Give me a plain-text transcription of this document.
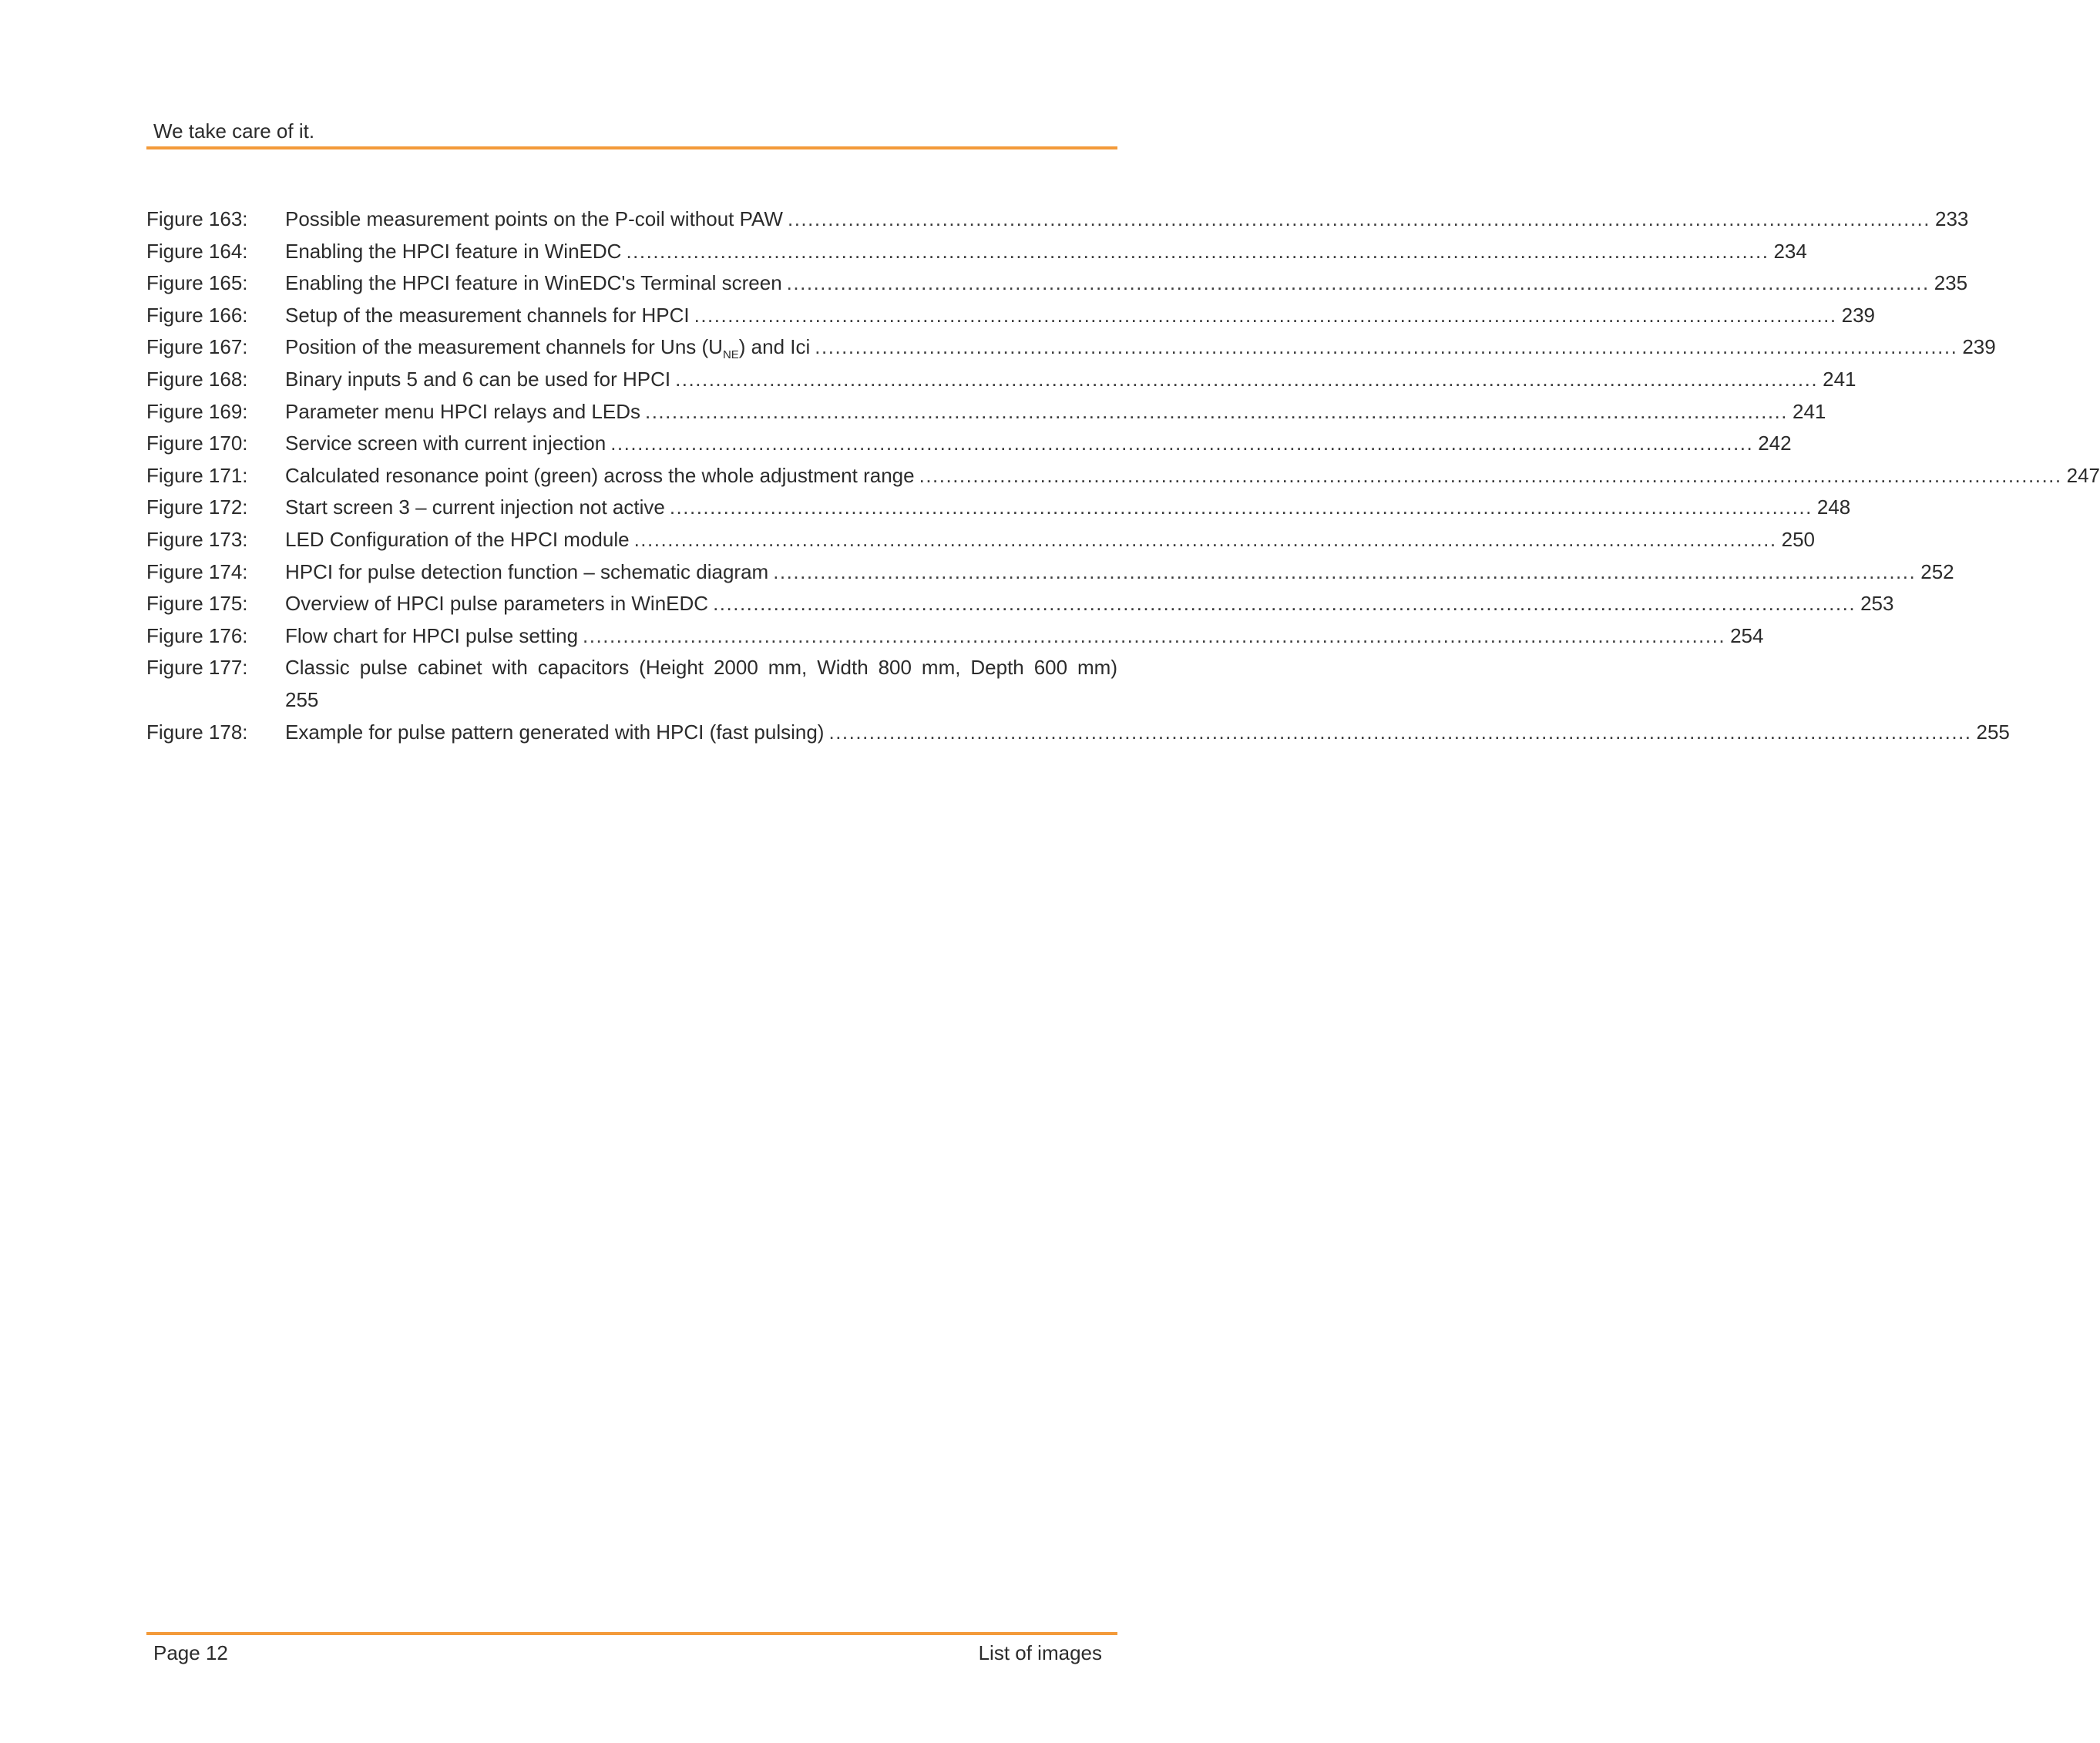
We take care of it.
Figure 163: Possible measurement points on the P-coil without PAW .......................................................................................................................................................................... 233
Figure 164: Enabling the HPCI feature in WinEDC .......................................................................................................................................................................... 234
Figure 165: Enabling the HPCI feature in WinEDC's Terminal screen .......................................................................................................................................................................... 235
Figure 166: Setup of the measurement channels for HPCI .......................................................................................................................................................................... 239
Figure 167: Position of the measurement channels for Uns $(U_{NE})$ and Ici .......................................................................................................................................................................... 239
Figure 168: Binary inputs 5 and 6 can be used for HPCI .......................................................................................................................................................................... 241
Figure 169: Parameter menu HPCI relays and LEDs .......................................................................................................................................................................... 241
Figure 170: Service screen with current injection .......................................................................................................................................................................... 242
Figure 171: Calculated resonance point (green) across the whole adjustment range .......................................................................................................................................................................... 247
Figure 172: Start screen 3 – current injection not active .......................................................................................................................................................................... 248
Figure 173: LED Configuration of the HPCI module .......................................................................................................................................................................... 250
Figure 174: HPCI for pulse detection function – schematic diagram .......................................................................................................................................................................... 252
Figure 175: Overview of HPCI pulse parameters in WinEDC .......................................................................................................................................................................... 253
Figure 176: Flow chart for HPCI pulse setting .......................................................................................................................................................................... 254
Figure 177: Classic pulse cabinet with capacitors (Height 2000 mm, Width 800 mm, Depth 600 mm)
255
Figure 178: Example for pulse pattern generated with HPCI (fast pulsing) .......................................................................................................................................................................... 255
Page 12	List of images
